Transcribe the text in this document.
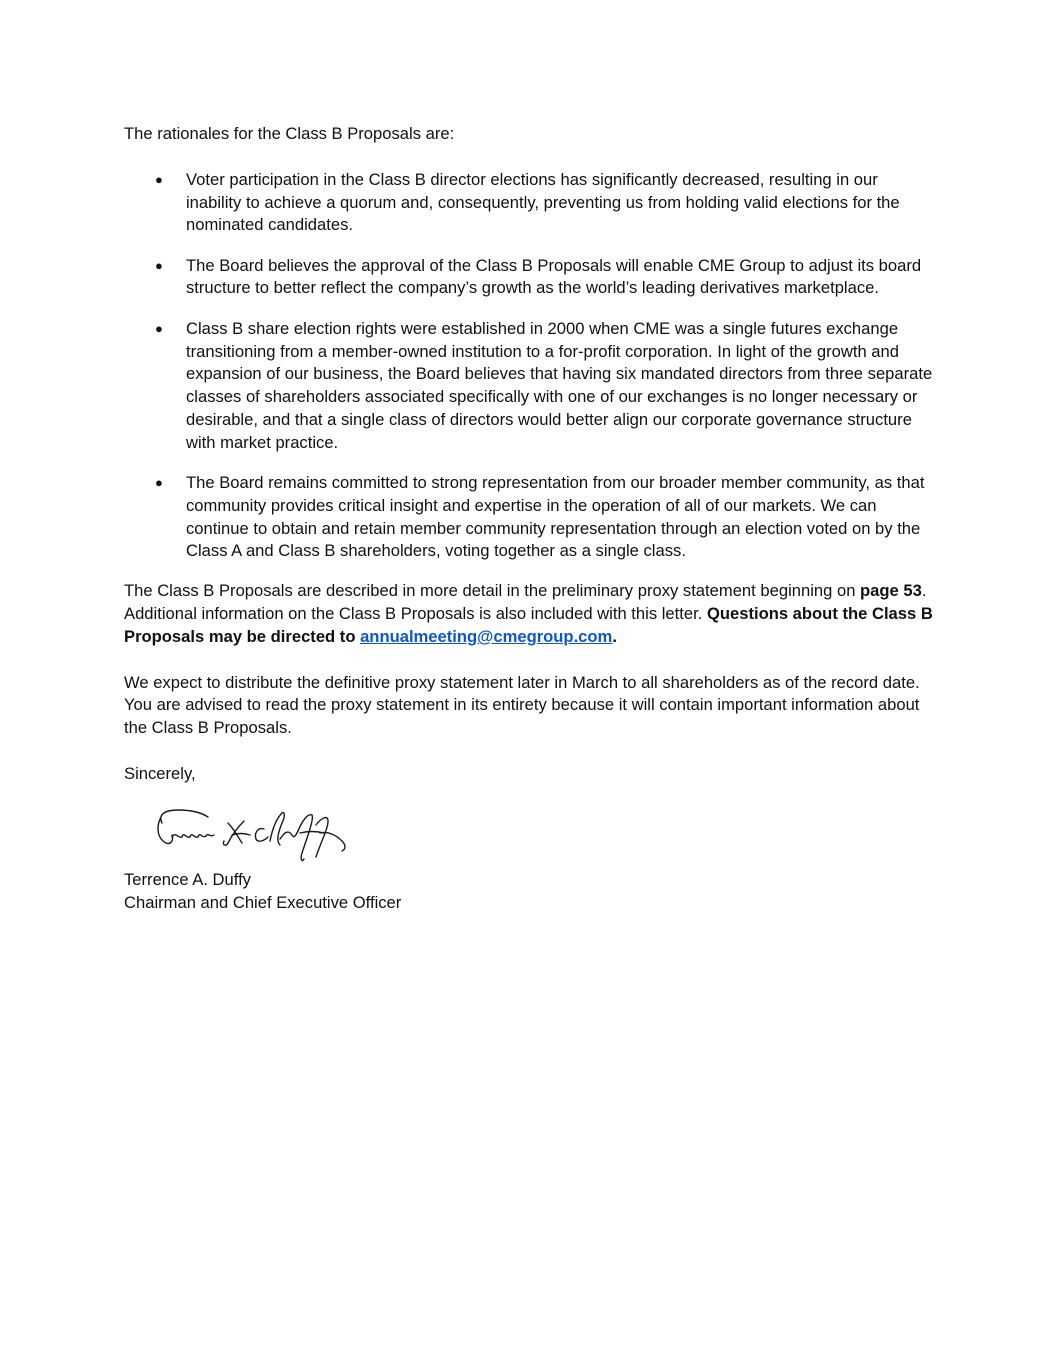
The rationales for the Class B Proposals are:

● Voter participation in the Class B director elections has significantly decreased, resulting in our inability to achieve a quorum and, consequently, preventing us from holding valid elections for the nominated candidates.
● The Board believes the approval of the Class B Proposals will enable CME Group to adjust its board structure to better reflect the company’s growth as the world’s leading derivatives marketplace.
● Class B share election rights were established in 2000 when CME was a single futures exchange transitioning from a member-owned institution to a for-profit corporation. In light of the growth and expansion of our business, the Board believes that having six mandated directors from three separate classes of shareholders associated specifically with one of our exchanges is no longer necessary or desirable, and that a single class of directors would better align our corporate governance structure with market practice.
● The Board remains committed to strong representation from our broader member community, as that community provides critical insight and expertise in the operation of all of our markets. We can continue to obtain and retain member community representation through an election voted on by the Class A and Class B shareholders, voting together as a single class.

The Class B Proposals are described in more detail in the preliminary proxy statement beginning on page 53. Additional information on the Class B Proposals is also included with this letter. Questions about the Class B Proposals may be directed to annualmeeting@cmegroup.com.

We expect to distribute the definitive proxy statement later in March to all shareholders as of the record date. You are advised to read the proxy statement in its entirety because it will contain important information about the Class B Proposals.

Sincerely,

Terrence A. Duffy

Chairman and Chief Executive Officer
